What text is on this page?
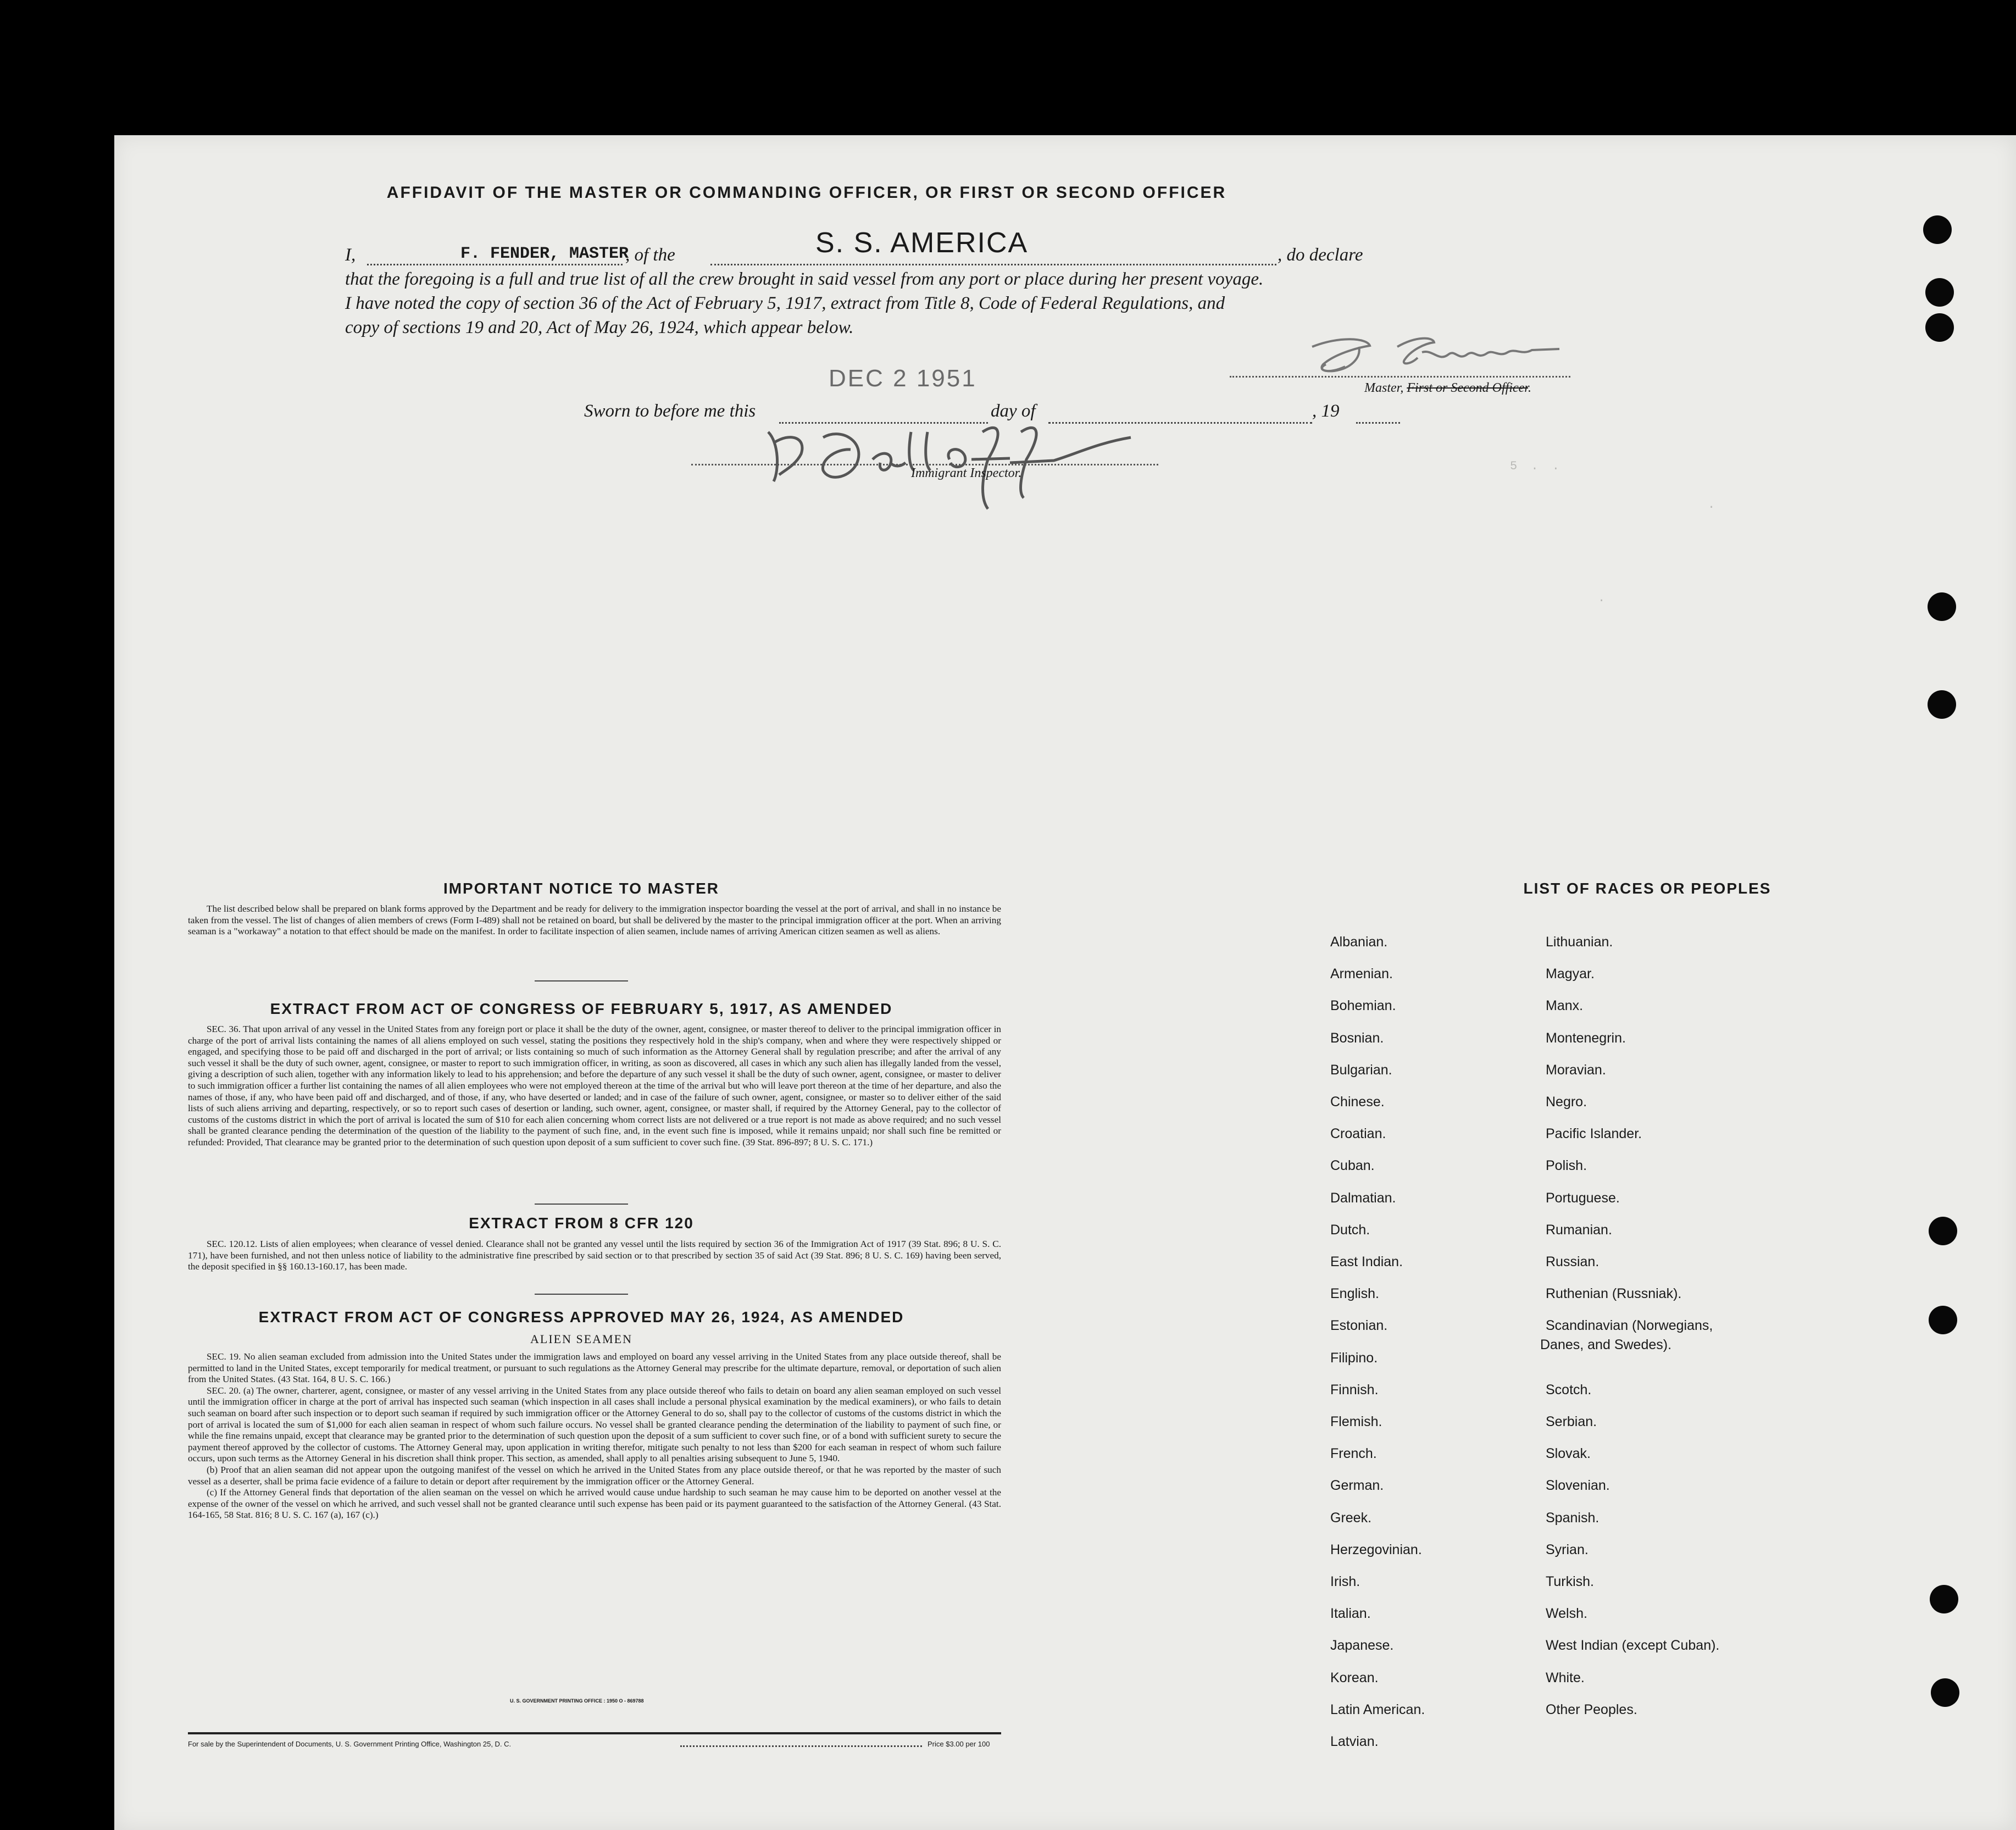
5 . .
.
.
AFFIDAVIT OF THE MASTER OR COMMANDING OFFICER, OR FIRST OR SECOND OFFICER
I,	F. FENDER, MASTER
, of the	S. S. AMERICA	, do declare
that the foregoing is a full and true list of all the crew brought in said vessel from any port or place during her present voyage.
I have noted the copy of section 36 of the Act of February 5, 1917, extract from Title 8, Code of Federal Regulations, and
copy of sections 19 and 20, Act of May 26, 1924, which appear below.
Master, First or Second Officer.
DEC 2 1951
Sworn to before me this	day of	, 19
Immigrant Inspector.
IMPORTANT NOTICE TO MASTER

The list described below shall be prepared on blank forms approved by the Department and be ready for delivery to the immigration inspector boarding the vessel at the port of arrival, and shall in no instance be taken from the vessel. The list of changes of alien members of crews (Form I-489) shall not be retained on board, but shall be delivered by the master to the principal immigration officer at the port. When an arriving seaman is a "workaway" a notation to that effect should be made on the manifest. In order to facilitate inspection of alien seamen, include names of arriving American citizen seamen as well as aliens.

EXTRACT FROM ACT OF CONGRESS OF FEBRUARY 5, 1917, AS AMENDED

SEC. 36. That upon arrival of any vessel in the United States from any foreign port or place it shall be the duty of the owner, agent, consignee, or master thereof to deliver to the principal immigration officer in charge of the port of arrival lists containing the names of all aliens employed on such vessel, stating the positions they respectively hold in the ship's company, when and where they were respectively shipped or engaged, and specifying those to be paid off and discharged in the port of arrival; or lists containing so much of such information as the Attorney General shall by regulation prescribe; and after the arrival of any such vessel it shall be the duty of such owner, agent, consignee, or master to report to such immigration officer, in writing, as soon as discovered, all cases in which any such alien has illegally landed from the vessel, giving a description of such alien, together with any information likely to lead to his apprehension; and before the departure of any such vessel it shall be the duty of such owner, agent, consignee, or master to deliver to such immigration officer a further list containing the names of all alien employees who were not employed thereon at the time of the arrival but who will leave port thereon at the time of her departure, and also the names of those, if any, who have been paid off and discharged, and of those, if any, who have deserted or landed; and in case of the failure of such owner, agent, consignee, or master so to deliver either of the said lists of such aliens arriving and departing, respectively, or so to report such cases of desertion or landing, such owner, agent, consignee, or master shall, if required by the Attorney General, pay to the collector of customs of the customs district in which the port of arrival is located the sum of $10 for each alien concerning whom correct lists are not delivered or a true report is not made as above required; and no such vessel shall be granted clearance pending the determination of the question of the liability to the payment of such fine, and, in the event such fine is imposed, while it remains unpaid; nor shall such fine be remitted or refunded: Provided, That clearance may be granted prior to the determination of such question upon deposit of a sum sufficient to cover such fine. (39 Stat. 896-897; 8 U. S. C. 171.)

EXTRACT FROM 8 CFR 120

SEC. 120.12. Lists of alien employees; when clearance of vessel denied. Clearance shall not be granted any vessel until the lists required by section 36 of the Immigration Act of 1917 (39 Stat. 896; 8 U. S. C. 171), have been furnished, and not then unless notice of liability to the administrative fine prescribed by said section or to that prescribed by section 35 of said Act (39 Stat. 896; 8 U. S. C. 169) having been served, the deposit specified in §§ 160.13-160.17, has been made.

EXTRACT FROM ACT OF CONGRESS APPROVED MAY 26, 1924, AS AMENDED
ALIEN SEAMEN

SEC. 19. No alien seaman excluded from admission into the United States under the immigration laws and employed on board any vessel arriving in the United States from any place outside thereof, shall be permitted to land in the United States, except temporarily for medical treatment, or pursuant to such regulations as the Attorney General may prescribe for the ultimate departure, removal, or deportation of such alien from the United States. (43 Stat. 164, 8 U. S. C. 166.)

SEC. 20. (a) The owner, charterer, agent, consignee, or master of any vessel arriving in the United States from any place outside thereof who fails to detain on board any alien seaman employed on such vessel until the immigration officer in charge at the port of arrival has inspected such seaman (which inspection in all cases shall include a personal physical examination by the medical examiners), or who fails to detain such seaman on board after such inspection or to deport such seaman if required by such immigration officer or the Attorney General to do so, shall pay to the collector of customs of the customs district in which the port of arrival is located the sum of $1,000 for each alien seaman in respect of whom such failure occurs. No vessel shall be granted clearance pending the determination of the liability to payment of such fine, or while the fine remains unpaid, except that clearance may be granted prior to the determination of such question upon the deposit of a sum sufficient to cover such fine, or of a bond with sufficient surety to secure the payment thereof approved by the collector of customs. The Attorney General may, upon application in writing therefor, mitigate such penalty to not less than $200 for each seaman in respect of whom such failure occurs, upon such terms as the Attorney General in his discretion shall think proper. This section, as amended, shall apply to all penalties arising subsequent to June 5, 1940.

(b) Proof that an alien seaman did not appear upon the outgoing manifest of the vessel on which he arrived in the United States from any place outside thereof, or that he was reported by the master of such vessel as a deserter, shall be prima facie evidence of a failure to detain or deport after requirement by the immigration officer or the Attorney General.

(c) If the Attorney General finds that deportation of the alien seaman on the vessel on which he arrived would cause undue hardship to such seaman he may cause him to be deported on another vessel at the expense of the owner of the vessel on which he arrived, and such vessel shall not be granted clearance until such expense has been paid or its payment guaranteed to the satisfaction of the Attorney General. (43 Stat. 164-165, 58 Stat. 816; 8 U. S. C. 167 (a), 167 (c).)

U. S. GOVERNMENT PRINTING OFFICE : 1950 O - 869788
For sale by the Superintendent of Documents, U. S. Government Printing Office, Washington 25, D. C.	Price $3.00 per 100
LIST OF RACES OR PEOPLES
Albanian.
Armenian.
Bohemian.
Bosnian.
Bulgarian.
Chinese.
Croatian.
Cuban.
Dalmatian.
Dutch.
East Indian.
English.
Estonian.
Filipino.
Finnish.
Flemish.
French.
German.
Greek.
Herzegovinian.
Irish.
Italian.
Japanese.
Korean.
Latin American.
Latvian.
Lithuanian.
Magyar.
Manx.
Montenegrin.
Moravian.
Negro.
Pacific Islander.
Polish.
Portuguese.
Rumanian.
Russian.
Ruthenian (Russniak).
Scandinavian (Norwegians,
Scotch.
Serbian.
Slovak.
Slovenian.
Spanish.
Syrian.
Turkish.
Welsh.
West Indian (except Cuban).
White.
Other Peoples.
Danes, and Swedes).
